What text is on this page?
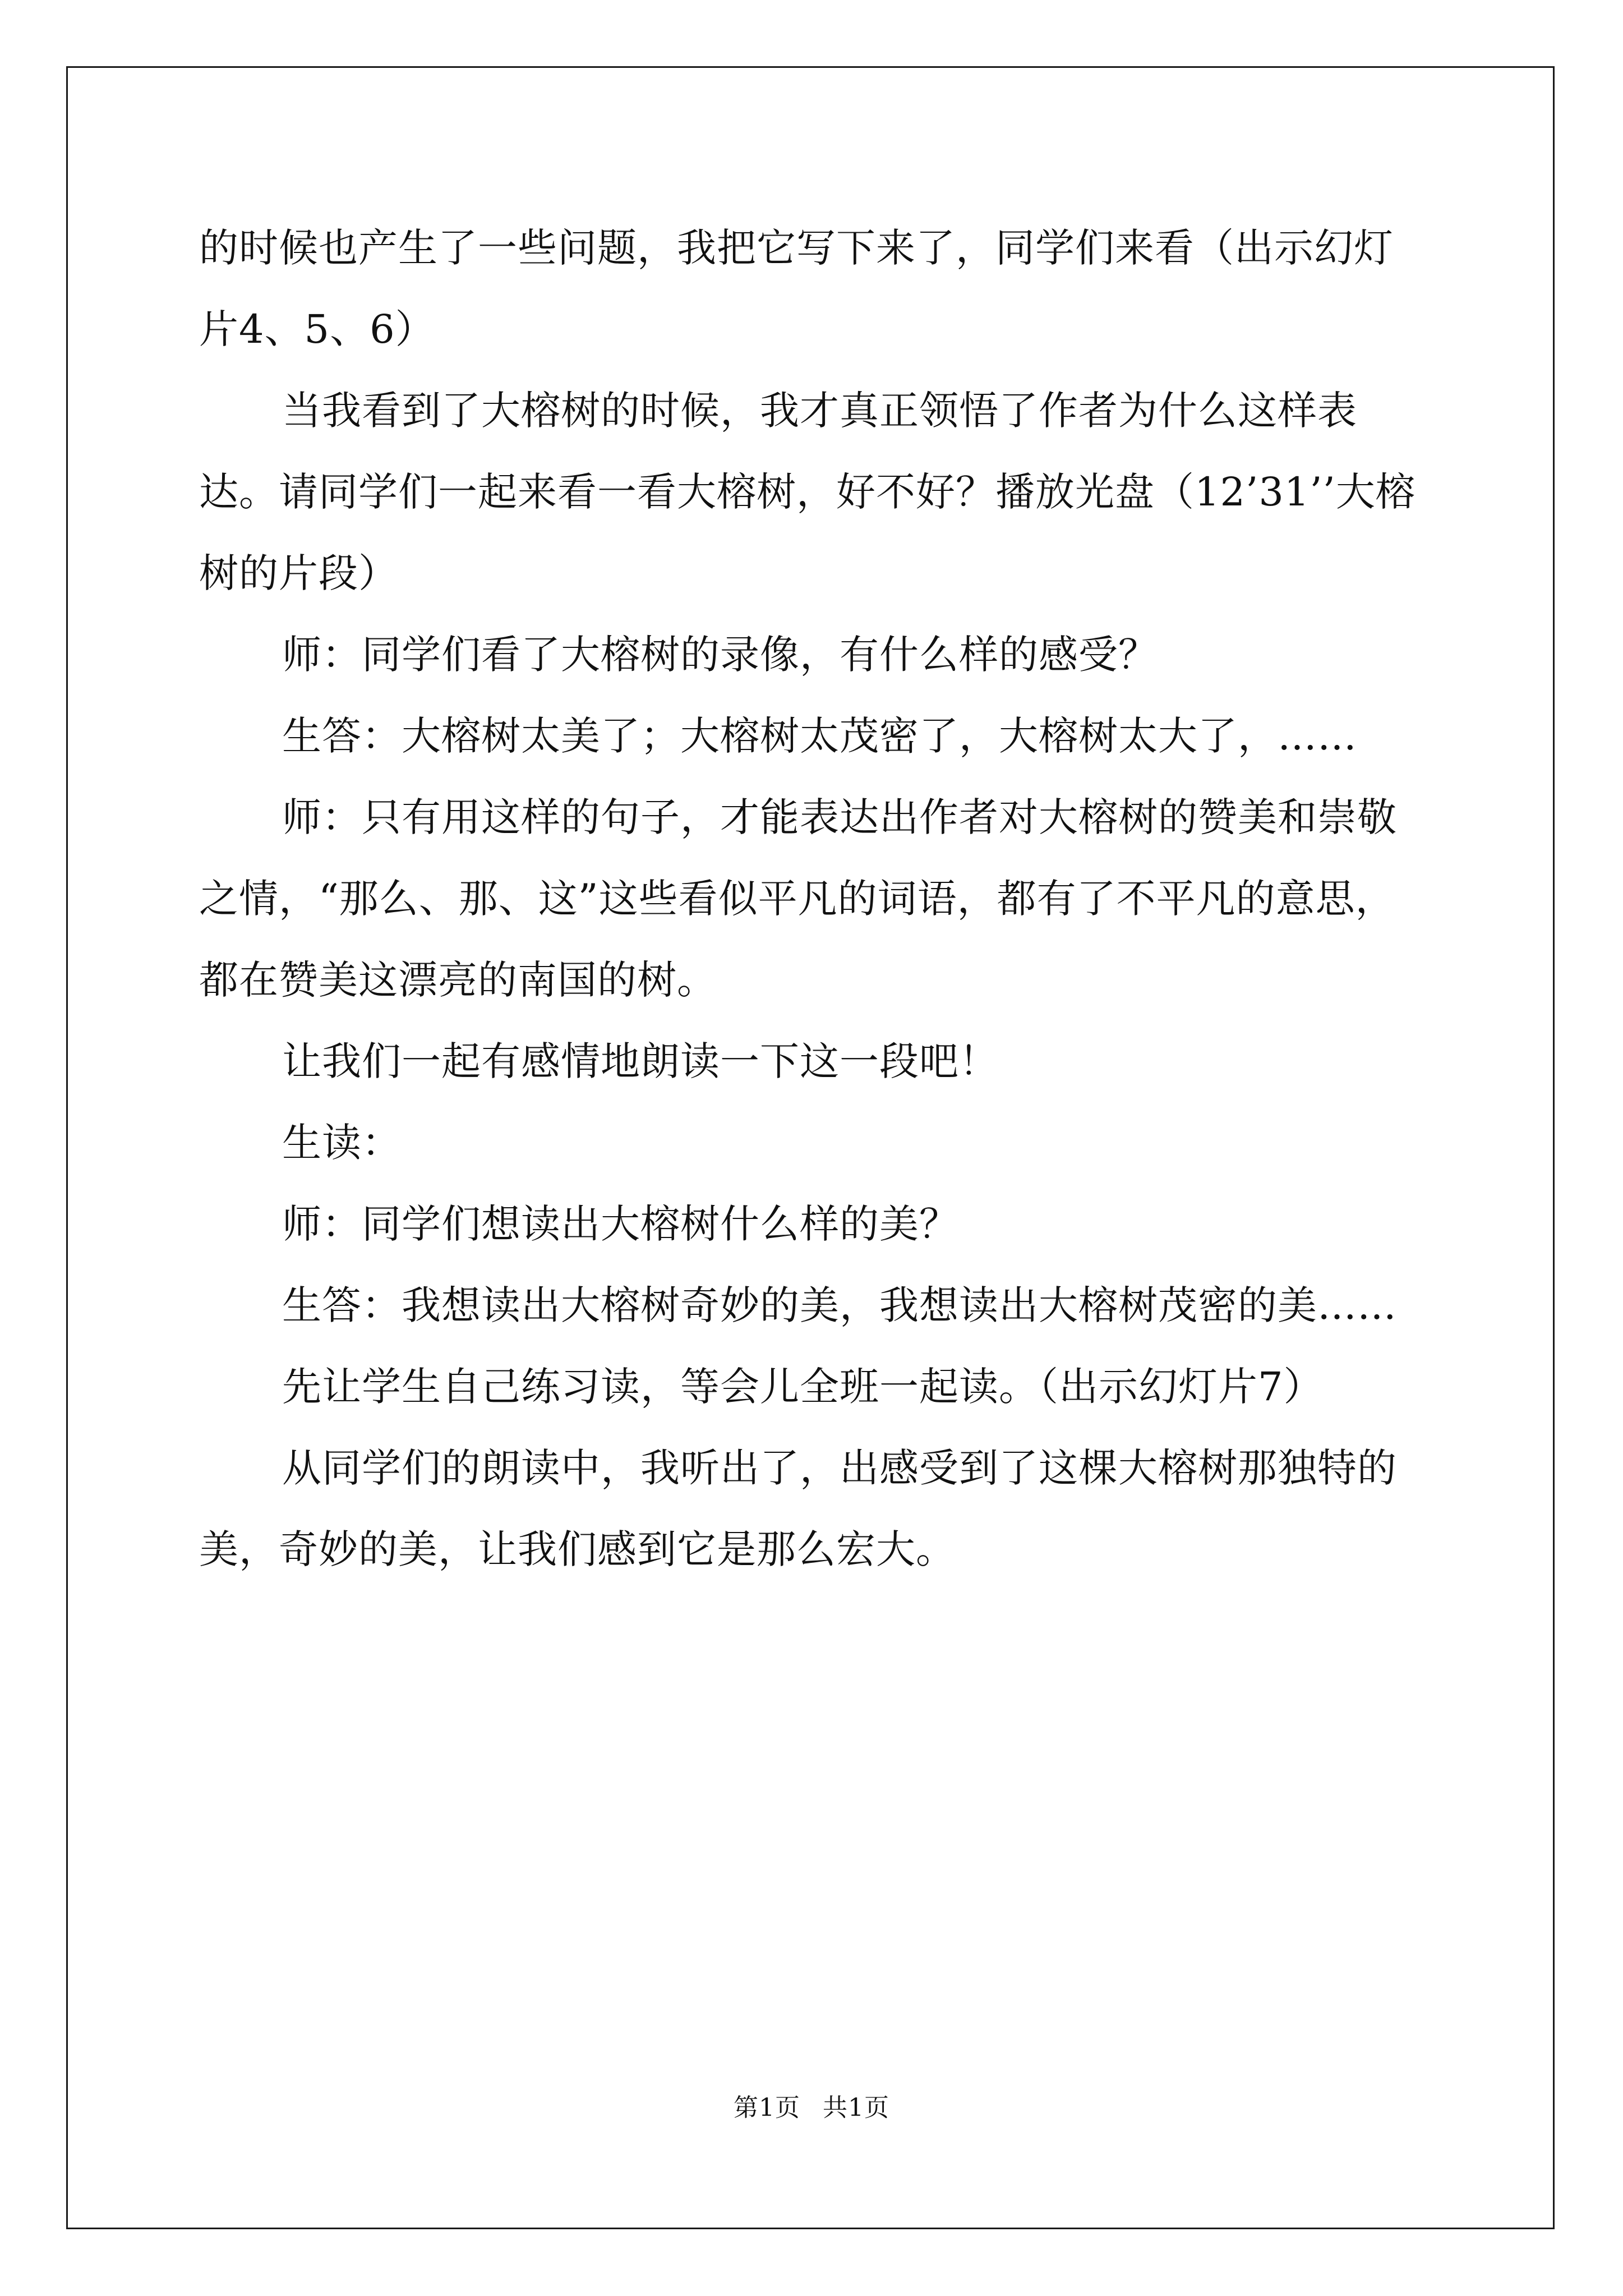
的时候也产生了一些问题，我把它写下来了，同学们来看（出示幻灯片4、5、6）

当我看到了大榕树的时候，我才真正领悟了作者为什么这样表达。请同学们一起来看一看大榕树，好不好？播放光盘（12’31’’大榕树的片段）

师：同学们看了大榕树的录像，有什么样的感受？

生答：大榕树太美了；大榕树太茂密了，大榕树太大了，……

师：只有用这样的句子，才能表达出作者对大榕树的赞美和崇敬之情，“那么、那、这”这些看似平凡的词语，都有了不平凡的意思，都在赞美这漂亮的南国的树。

让我们一起有感情地朗读一下这一段吧！

生读：

师：同学们想读出大榕树什么样的美？

生答：我想读出大榕树奇妙的美，我想读出大榕树茂密的美……

先让学生自己练习读，等会儿全班一起读。（出示幻灯片7）

从同学们的朗读中，我听出了，出感受到了这棵大榕树那独特的美，奇妙的美，让我们感到它是那么宏大。

第1页 共1页
